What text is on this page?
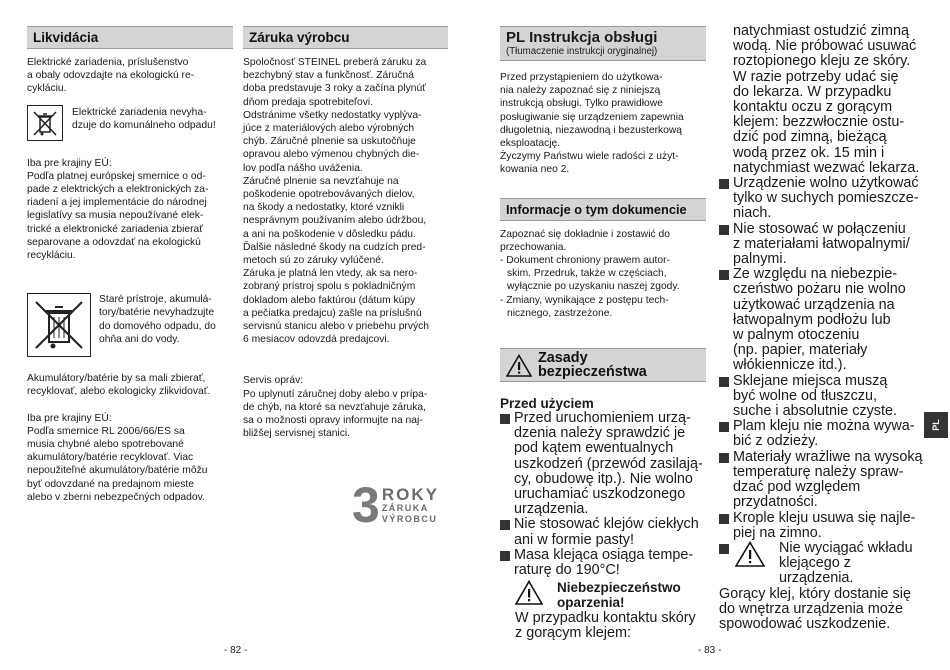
Likvidácia
Elektrické zariadenia, príslušenstvo
a obaly odovzdajte na ekologickú re-
cykláciu.
Elektrické zariadenia nevyha-
dzuje do komunálneho odpadu!
Iba pre krajiny EÚ:
Podľa platnej európskej smernice o od-
pade z elektrických a elektronických za-
riadení a jej implementácie do národnej
legislatívy sa musia nepoužívané elek-
trické a elektronické zariadenia zbierať
separovane a odovzdať na ekologickú
recykláciu.
Staré prístroje, akumulá-
tory/batérie nevyhadzujte
do domového odpadu, do
ohňa ani do vody.
Akumulátory/batérie by sa mali zbierať,
recyklovať, alebo ekologicky zlikvidovať.
Iba pre krajiny EÚ:
Podľa smernice RL 2006/66/ES sa
musia chybné alebo spotrebované
akumulátory/batérie recyklovať. Viac
nepoužiteľné akumulátory/batérie môžu
byť odovzdané na predajnom mieste
alebo v zberni nebezpečných odpadov.
Záruka výrobcu
Spoločnosť STEINEL preberá záruku za
bezchybný stav a funkčnosť. Záručná
doba predstavuje 3 roky a začína plynúť
dňom predaja spotrebiteľovi.
Odstránime všetky nedostatky vyplýva-
júce z materiálových alebo výrobných
chýb. Záručné plnenie sa uskutočňuje
opravou alebo výmenou chybných die-
lov podľa nášho uváženia.
Záručné plnenie sa nevzťahuje na
poškodenie opotrebovávaných dielov,
na škody a nedostatky, ktoré vznikli
nesprávnym používaním alebo údržbou,
a ani na poškodenie v dôsledku pádu.
Ďalšie následné škody na cudzích pred-
metoch sú zo záruky vylúčené.
Záruka je platná len vtedy, ak sa nero-
zobraný prístroj spolu s pokladničným
dokladom alebo faktúrou (dátum kúpy
a pečiatka predajcu) zašle na príslušnú
servisnú stanicu alebo v priebehu prvých
6 mesiacov odovzdá predajcovi.
Servis opráv:
Po uplynutí záručnej doby alebo v prípa-
de chýb, na ktoré sa nevzťahuje záruka,
sa o možnosti opravy informujte na naj-
bližšej servisnej stanici.
3 ROKY
ZÁRUKA
VÝROBCU
PL Instrukcja obsługi
(Tłumaczenie instrukcji oryginalnej)
Przed przystąpieniem do użytkowa-
nia należy zapoznać się z niniejszą
instrukcją obsługi. Tylko prawidłowe
posługiwanie się urządzeniem zapewnia
długoletnią, niezawodną i bezusterkową
eksploatację.
Życzymy Państwu wiele radości z użyt-
kowania neo 2.
Informacje o tym dokumencie
Zapoznać się dokładnie i zostawić do
przechowania.
- Dokument chroniony prawem autor-
skim. Przedruk, także w częściach,
wyłącznie po uzyskaniu naszej zgody.
- Zmiany, wynikające z postępu tech-
nicznego, zastrzeżone.
Zasady
bezpieczeństwa
Przed użyciem
Przed uruchomieniem urzą-
dzenia należy sprawdzić je
pod kątem ewentualnych
uszkodzeń (przewód zasilają-
cy, obudowę itp.). Nie wolno
uruchamiać uszkodzonego
urządzenia.
Nie stosować klejów ciekłych
ani w formie pasty!
Masa klejąca osiąga tempe-
raturę do 190°C!
Niebezpieczeństwo
oparzenia!
W przypadku kontaktu skóry
z gorącym klejem:
natychmiast ostudzić zimną
wodą. Nie próbować usuwać
roztopionego kleju ze skóry.
W razie potrzeby udać się
do lekarza. W przypadku
kontaktu oczu z gorącym
klejem: bezzwłocznie ostu-
dzić pod zimną, bieżącą
wodą przez ok. 15 min i
natychmiast wezwać lekarza.
Urządzenie wolno użytkować
tylko w suchych pomieszcze-
niach.
Nie stosować w połączeniu
z materiałami łatwopalnymi/
palnymi.
Ze względu na niebezpie-
czeństwo pożaru nie wolno
użytkować urządzenia na
łatwopalnym podłożu lub
w palnym otoczeniu
(np. papier, materiały
włókiennicze itd.).
Sklejane miejsca muszą
być wolne od tłuszczu,
suche i absolutnie czyste.
Plam kleju nie można wywa-
bić z odzieży.
Materiały wrażliwe na wysoką
temperaturę należy spraw-
dzać pod względem
przydatności.
Krople kleju usuwa się najle-
piej na zimno.
Nie wyciągać wkładu
klejącego z urządzenia.
Gorący klej, który dostanie się
do wnętrza urządzenia może
spowodować uszkodzenie.
PL
- 82 -	- 83 -
